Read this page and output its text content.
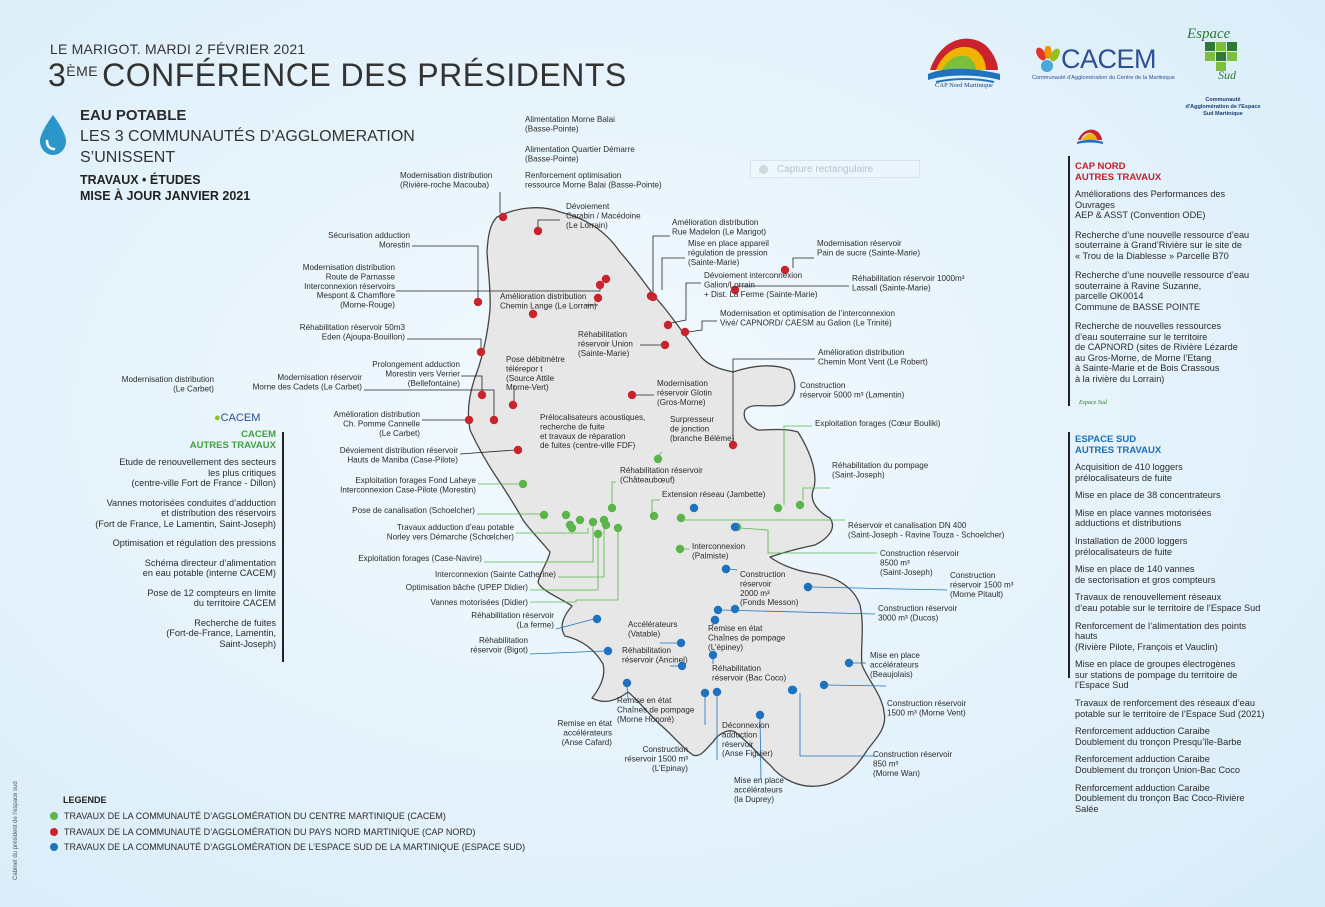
Alimentation Morne Balai (Basse-Pointe)
Alimentation Quartier Démarre (Basse-Pointe)
Renforcement optimisation ressource Morne Balai (Basse-Pointe)
Modernisation distribution (Rivière-roche Macouba)
Dévoiement Carabin / Macédoine (Le Lorrain)	Amélioration distribution Rue Madelon (Le Marigot)
Sécurisation adduction Morestin	Mise en place appareil régulation de pression (Sainte-Marie)
Modernisation réservoir Pain de sucre (Sainte-Marie)
Modernisation distribution Route de Parnasse Interconnexion réservoirs Mespont & Chamflore (Morne-Rouge)
Dévoiement interconnexion Galion/Lorrain + Dist. La Ferme (Sainte-Marie)
Réhabilitation réservoir 1000m³ Lassall (Sainte-Marie)
Amélioration distribution Chemin Lange (Le Lorrain)
Modernisation et optimisation de l’interconnexion Vivé/ CAPNORD/ CAESM au Galion (Le Trinité)
Réhabilitation réservoir 50m3 Eden (Ajoupa-Bouillon)	Réhabilitation réservoir Union (Sainte-Marie)	Amélioration distribution Chemin Mont Vent (Le Robert)
Prolongement adduction Morestin vers Verrier (Bellefontaine)
Pose débitmètre télérepor t (Source Attile Morne-Vert)
Modernisation distribution (Le Carbet)
Modernisation réservoir Morne des Cadets (Le Carbet)	Modernisation réservoir Glotin (Gros-Morne)
Construction réservoir 5000 m³ (Lamentin)
Amélioration distribution Ch. Pomme Cannelle (Le Carbet)
Prélocalisateurs acoustiques, recherche de fuite et travaux de réparation de fuites (centre-ville FDF)
Exploitation forages (Cœur Bouliki)
Surpresseur de jonction (branche Bélème)
Dévoiement distribution réservoir Hauts de Maniba (Case-Pilote)
Réhabilitation réservoir (Châteaubœuf)
Réhabilitation du pompage (Saint-Joseph)
Exploitation forages Fond Laheye Interconnexion Case-Pilote (Morestin)
Extension réseau (Jambette)
Pose de canalisation (Schoelcher)
Réservoir et canalisation DN 400 (Saint-Joseph - Ravine Touza - Schoelcher)
Travaux adduction d’eau potable Norley vers Démarche (Schœlcher)
Interconnexion (Palmiste)
Exploitation forages (Case-Navire)
Construction réservoir 8500 m³ (Saint-Joseph)
Interconnexion (Sainte Catherine)	Construction réservoir 2000 m³ (Fonds Messon)
Construction réservoir 1500 m³ (Morne Pitault)
Optimisation bâche (UPEP Didier)
Vannes motorisées (Didier)
Construction réservoir 3000 m³ (Ducos)
Réhabilitation réservoir (La ferme)	Accélérateurs (Vatable)
Remise en état Chaînes de pompage (L’épiney)
Réhabilitation réservoir (Bigot)	Réhabilitation réservoir (Ancinel)	Mise en place accélérateurs (Beaujolais)
Réhabilitation réservoir (Bac Coco)
Remise en état Chaînes de pompage (Morne Honoré)
Construction réservoir 1500 m³ (Morne Vent)
Remise en état accélérateurs (Anse Cafard)
Déconnexion adduction réservoir (Anse Figuier)
Construction réservoir 1500 m³ (L’Epinay)
Construction réservoir 850 m³ (Morne Wan)
Mise en place accélérateurs (la Duprey)
LE MARIGOT. MARDI 2 FÉVRIER 2021
3ÈME CONFÉRENCE DES PRÉSIDENTS
EAU POTABLE
LES 3 COMMUNAUTÉS D’AGGLOMERATION
S’UNISSENT
TRAVAUX • ÉTUDES
MISE À JOUR JANVIER 2021
Capture rectangulaire
CAP Nord Martinique
CACEM
Communauté d'Agglomération du Centre de la Martinique
Espace
Sud
Communauté d'Agglomération de l'Espace Sud Martinique
●CACEM
Espace Sud
CACEM
AUTRES TRAVAUX
Etude de renouvellement des secteurs
les plus critiques
(centre-ville Fort de France - Dillon)
Vannes motorisées conduites d’adduction
et distribution des réservoirs
(Fort de France, Le Lamentin, Saint-Joseph)
Optimisation et régulation des pressions
Schéma directeur d’alimentation
en eau potable (interne CACEM)
Pose de 12 compteurs en limite
du territoire CACEM
Recherche de fuites
(Fort-de-France, Lamentin,
Saint-Joseph)
CAP NORD
AUTRES TRAVAUX
Améliorations des Performances des Ouvrages
AEP & ASST (Convention ODE)
Recherche d’une nouvelle ressource d’eau
souterraine à Grand’Rivière sur le site de
« Trou de la Diablesse » Parcelle B70
Recherche d’une nouvelle ressource d’eau
souterraine à Ravine Suzanne,
parcelle OK0014
Commune de BASSE POINTE
Recherche de nouvelles ressources
d’eau souterraine sur le territoire
de CAPNORD (sites de Rivière Lézarde
au Gros-Morne, de Morne l’Etang
à Sainte-Marie et de Bois Crassous
à la rivière du Lorrain)
ESPACE SUD
AUTRES TRAVAUX
Acquisition de 410 loggers
prélocalisateurs de fuite
Mise en place de 38 concentrateurs
Mise en place vannes motorisées
adductions et distributions
Installation de 2000 loggers
prélocalisateurs de fuite
Mise en place de 140 vannes
de sectorisation et gros compteurs
Travaux de renouvellement réseaux
d’eau potable sur le territoire de l’Espace Sud
Renforcement de l’alimentation des points hauts
(Rivière Pilote, François et Vauclin)
Mise en place de groupes électrogènes
sur stations de pompage du territoire de l’Espace Sud
Travaux de renforcement des réseaux d’eau
potable sur le territoire de l’Espace Sud (2021)
Renforcement adduction Caraibe
Doublement du tronçon Presqu’île-Barbe
Renforcement adduction Caraibe
Doublement du tronçon Union-Bac Coco
Renforcement adduction Caraibe
Doublement du tronçon Bac Coco-Rivière Salée
LEGENDE
TRAVAUX DE LA COMMUNAUTÉ D’AGGLOMÉRATION DU CENTRE MARTINIQUE (CACEM)
TRAVAUX DE LA COMMUNAUTÉ D’AGGLOMÉRATION DU PAYS NORD MARTINIQUE (CAP NORD)
TRAVAUX DE LA COMMUNAUTÉ D’AGGLOMÉRATION DE L’ESPACE SUD DE LA MARTINIQUE (ESPACE SUD)
Cabinet du président de l’espace sud
